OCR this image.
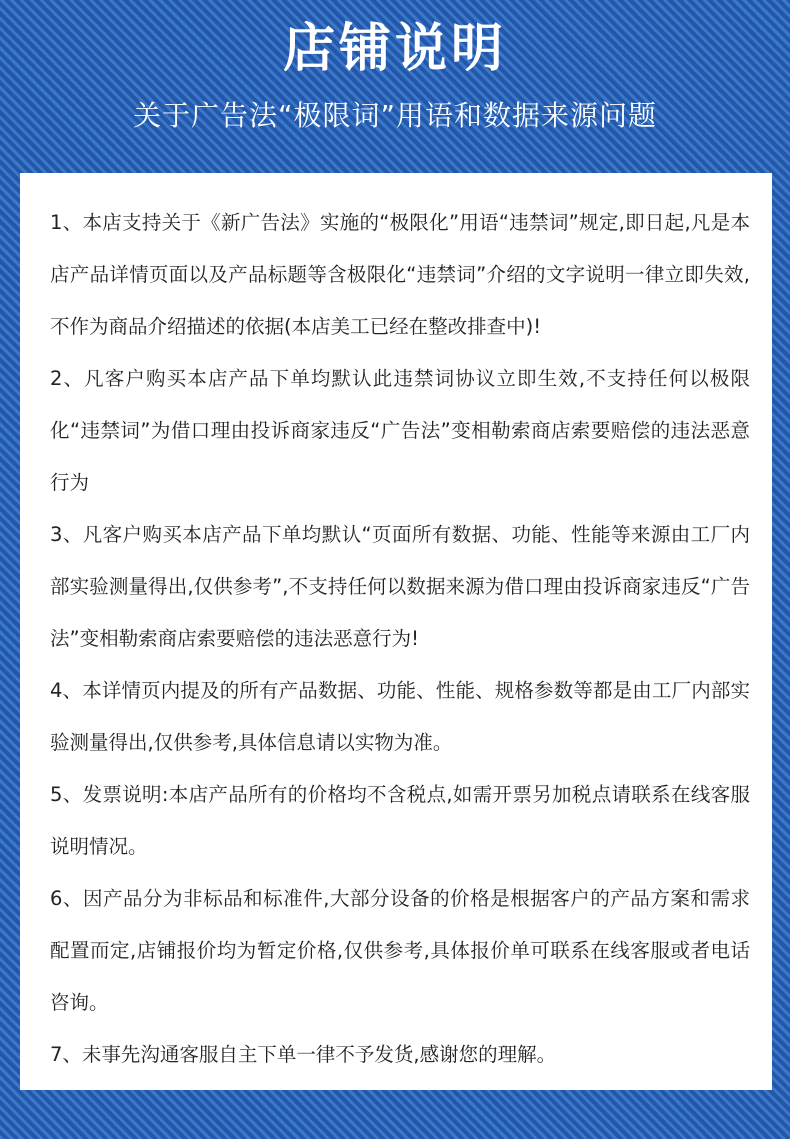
店铺说明
关于广告法“极限词”用语和数据来源问题
1、本店支持关于《新广告法》实施的“极限化”用语“违禁词”规定,即日起,凡是本店产品详情页面以及产品标题等含极限化“违禁词”介绍的文字说明一律立即失效,不作为商品介绍描述的依据(本店美工已经在整改排查中)!
2、凡客户购买本店产品下单均默认此违禁词协议立即生效,不支持任何以极限化“违禁词”为借口理由投诉商家违反“广告法”变相勒索商店索要赔偿的违法恶意行为
3、凡客户购买本店产品下单均默认“页面所有数据、功能、性能等来源由工厂内部实验测量得出,仅供参考”,不支持任何以数据来源为借口理由投诉商家违反“广告法”变相勒索商店索要赔偿的违法恶意行为!
4、本详情页内提及的所有产品数据、功能、性能、规格参数等都是由工厂内部实验测量得出,仅供参考,具体信息请以实物为准。
5、发票说明:本店产品所有的价格均不含税点,如需开票另加税点请联系在线客服说明情况。
6、因产品分为非标品和标准件,大部分设备的价格是根据客户的产品方案和需求配置而定,店铺报价均为暂定价格,仅供参考,具体报价单可联系在线客服或者电话咨询。
7、未事先沟通客服自主下单一律不予发货,感谢您的理解。
